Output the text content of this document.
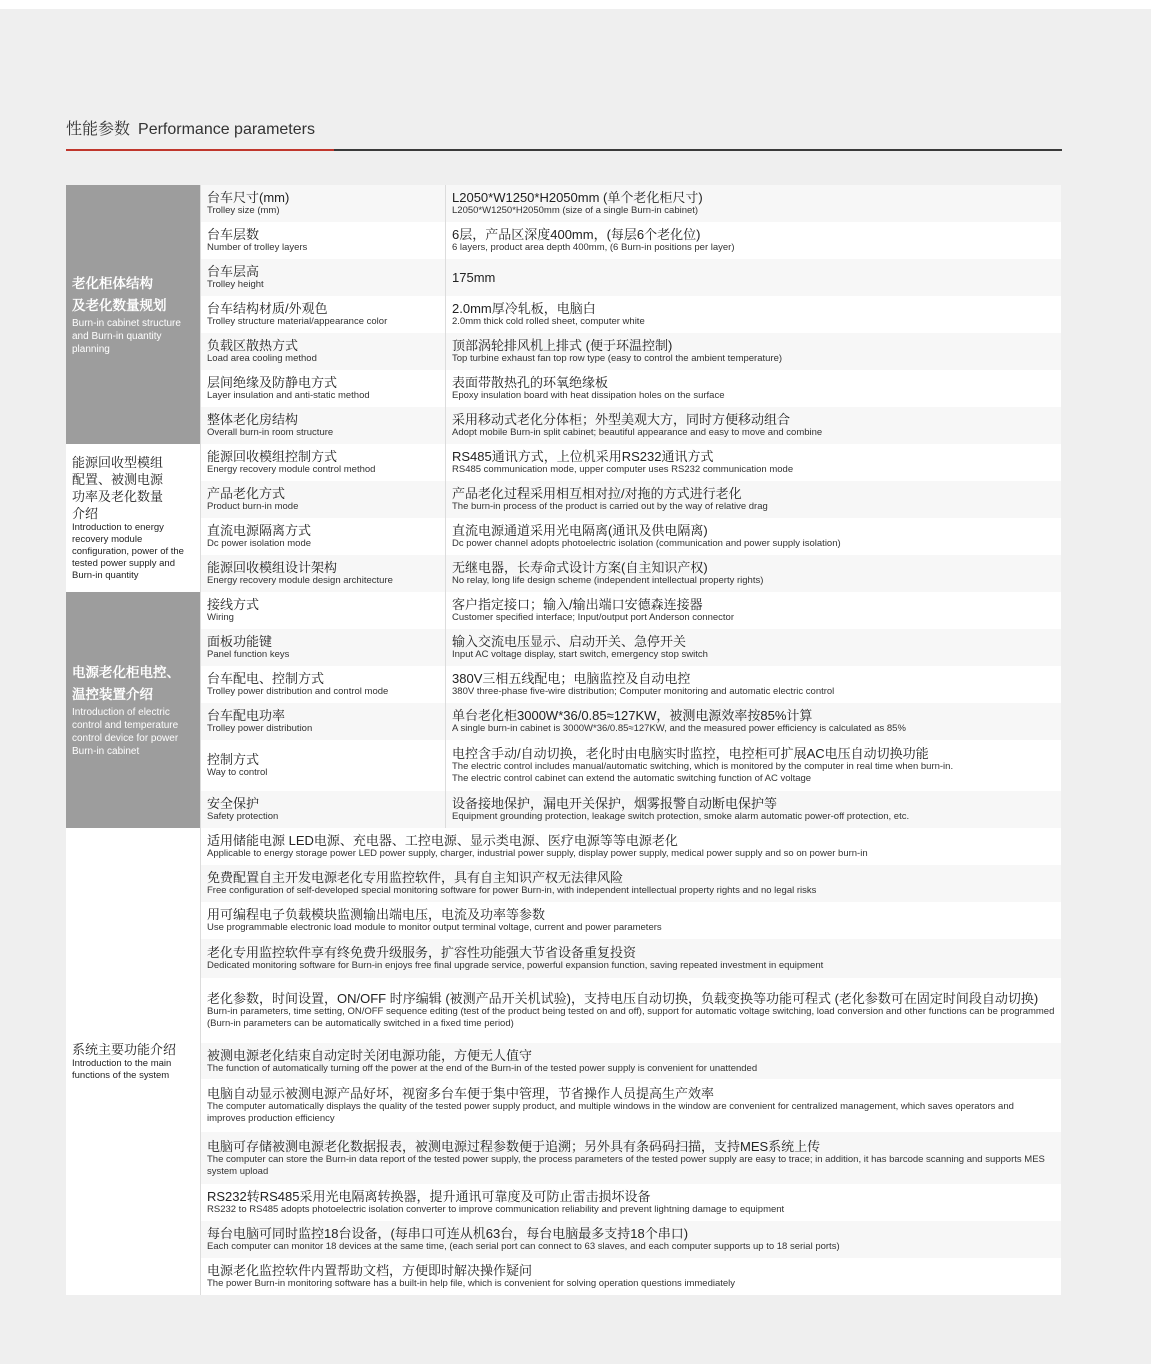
性能参数 Performance parameters
老化柜体结构
及老化数量规划
Burn-in cabinet structure and Burn-in quantity planning
台车尺寸(mm)
Trolley size (mm)
L2050*W1250*H2050mm (单个老化柜尺寸)
L2050*W1250*H2050mm (size of a single Burn-in cabinet)
台车层数
Number of trolley layers
6层，产品区深度400mm，(每层6个老化位)
6 layers, product area depth 400mm, (6 Burn-in positions per layer)
台车层高
Trolley height	175mm
台车结构材质/外观色
Trolley structure material/appearance color
2.0mm厚冷轧板，电脑白
2.0mm thick cold rolled sheet, computer white
负载区散热方式
Load area cooling method
顶部涡轮排风机上排式 (便于环温控制)
Top turbine exhaust fan top row type (easy to control the ambient temperature)
层间绝缘及防静电方式
Layer insulation and anti-static method
表面带散热孔的环氧绝缘板
Epoxy insulation board with heat dissipation holes on the surface
整体老化房结构
Overall burn-in room structure
采用移动式老化分体柜；外型美观大方，同时方便移动组合
Adopt mobile Burn-in split cabinet; beautiful appearance and easy to move and combine
能源回收型模组
配置、被测电源
功率及老化数量
介绍
Introduction to energy recovery module configuration, power of the tested power supply and Burn-in quantity
能源回收模组控制方式
Energy recovery module control method
RS485通讯方式，上位机采用RS232通讯方式
RS485 communication mode, upper computer uses RS232 communication mode
产品老化方式
Product burn-in mode
产品老化过程采用相互相对拉/对拖的方式进行老化
The burn-in process of the product is carried out by the way of relative drag
直流电源隔离方式
Dc power isolation mode
直流电源通道采用光电隔离(通讯及供电隔离)
Dc power channel adopts photoelectric isolation (communication and power supply isolation)
能源回收模组设计架构
Energy recovery module design architecture
无继电器，长寿命式设计方案(自主知识产权)
No relay, long life design scheme (independent intellectual property rights)
电源老化柜电控、
温控装置介绍
Introduction of electric control and temperature control device for power Burn-in cabinet
接线方式
Wiring
客户指定接口；输入/输出端口安德森连接器
Customer specified interface; Input/output port Anderson connector
面板功能键
Panel function keys
输入交流电压显示、启动开关、急停开关
Input AC voltage display, start switch, emergency stop switch
台车配电、控制方式
Trolley power distribution and control mode
380V三相五线配电；电脑监控及自动电控
380V three-phase five-wire distribution; Computer monitoring and automatic electric control
台车配电功率
Trolley power distribution
单台老化柜3000W*36/0.85≈127KW，被测电源效率按85%计算
A single burn-in cabinet is 3000W*36/0.85≈127KW, and the measured power efficiency is calculated as 85%
控制方式
Way to control
电控含手动/自动切换，老化时由电脑实时监控，电控柜可扩展AC电压自动切换功能
The electric control includes manual/automatic switching, which is monitored by the computer in real time when burn-in.
The electric control cabinet can extend the automatic switching function of AC voltage
安全保护
Safety protection
设备接地保护，漏电开关保护，烟雾报警自动断电保护等
Equipment grounding protection, leakage switch protection, smoke alarm automatic power-off protection, etc.
系统主要功能介绍
Introduction to the main functions of the system
适用储能电源 LED电源、充电器、工控电源、显示类电源、医疗电源等等电源老化
Applicable to energy storage power LED power supply, charger, industrial power supply, display power supply, medical power supply and so on power burn-in
免费配置自主开发电源老化专用监控软件，具有自主知识产权无法律风险
Free configuration of self-developed special monitoring software for power Burn-in, with independent intellectual property rights and no legal risks
用可编程电子负载模块监测输出端电压，电流及功率等参数
Use programmable electronic load module to monitor output terminal voltage, current and power parameters
老化专用监控软件享有终免费升级服务，扩容性功能强大节省设备重复投资
Dedicated monitoring software for Burn-in enjoys free final upgrade service, powerful expansion function, saving repeated investment in equipment
老化参数，时间设置，ON/OFF 时序编辑 (被测产品开关机试验)，支持电压自动切换，负载变换等功能可程式 (老化参数可在固定时间段自动切换)
Burn-in parameters, time setting, ON/OFF sequence editing (test of the product being tested on and off), support for automatic voltage switching, load conversion and other functions can be programmed (Burn-in parameters can be automatically switched in a fixed time period)
被测电源老化结束自动定时关闭电源功能，方便无人值守
The function of automatically turning off the power at the end of the Burn-in of the tested power supply is convenient for unattended
电脑自动显示被测电源产品好坏，视窗多台车便于集中管理，节省操作人员提高生产效率
The computer automatically displays the quality of the tested power supply product, and multiple windows in the window are convenient for centralized management, which saves operators and improves production efficiency
电脑可存储被测电源老化数据报表，被测电源过程参数便于追溯；另外具有条码码扫描，支持MES系统上传
The computer can store the Burn-in data report of the tested power supply, the process parameters of the tested power supply are easy to trace; in addition, it has barcode scanning and supports MES system upload
RS232转RS485采用光电隔离转换器，提升通讯可靠度及可防止雷击损坏设备
RS232 to RS485 adopts photoelectric isolation converter to improve communication reliability and prevent lightning damage to equipment
每台电脑可同时监控18台设备，(每串口可连从机63台，每台电脑最多支持18个串口)
Each computer can monitor 18 devices at the same time, (each serial port can connect to 63 slaves, and each computer supports up to 18 serial ports)
电源老化监控软件内置帮助文档，方便即时解决操作疑问
The power Burn-in monitoring software has a built-in help file, which is convenient for solving operation questions immediately
